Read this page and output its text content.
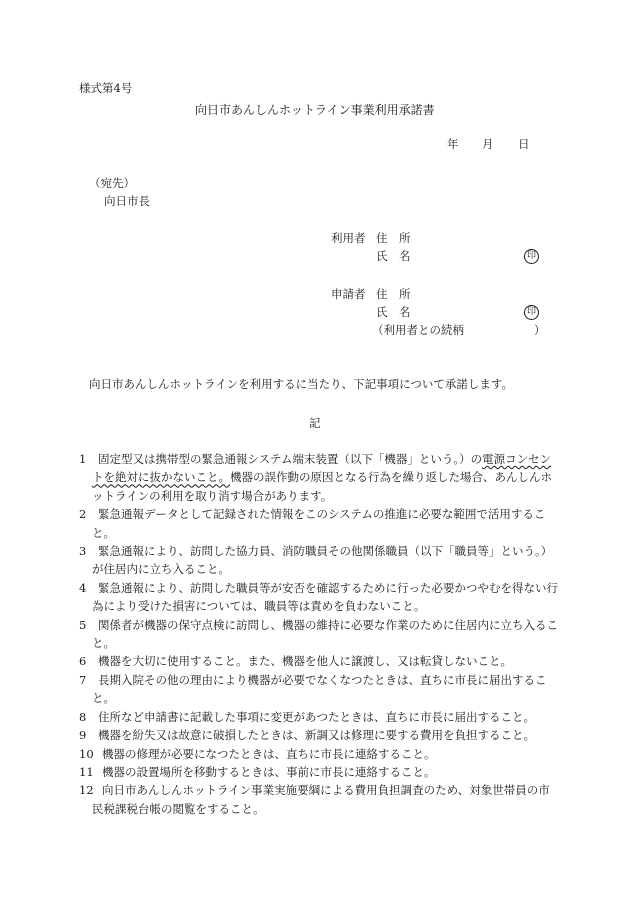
様式第4号
向日市あんしんホットライン事業利用承諾書
年 月 日
（宛先）
向日市長
利用者 住　所
氏　名	印
申請者 住　所
氏　名	印
（利用者との続柄	）
向日市あんしんホットラインを利用するに当たり、下記事項について承諾します。
記
1	固定型又は携帯型の緊急通報システム端末装置（以下「機器」という。）の電源コンセントを絶対に抜かないこと。機器の誤作動の原因となる行為を繰り返した場合、あんしんホットラインの利用を取り消す場合があります。
2	緊急通報データとして記録された情報をこのシステムの推進に必要な範囲で活用すること。
3	緊急通報により、訪問した協力員、消防職員その他関係職員（以下「職員等」という。）が住居内に立ち入ること。
4	緊急通報により、訪問した職員等が安否を確認するために行った必要かつやむを得ない行為により受けた損害については、職員等は責めを負わないこと。
5	関係者が機器の保守点検に訪問し、機器の維持に必要な作業のために住居内に立ち入ること。
6	機器を大切に使用すること。また、機器を他人に譲渡し、又は転貸しないこと。
7	長期入院その他の理由により機器が必要でなくなつたときは、直ちに市長に届出すること。
8	住所など申請書に記載した事項に変更があつたときは、直ちに市長に届出すること。
9	機器を紛失又は故意に破損したときは、新調又は修理に要する費用を負担すること。
10 機器の修理が必要になつたときは、直ちに市長に連絡すること。
11 機器の設置場所を移動するときは、事前に市長に連絡すること。
12 向日市あんしんホットライン事業実施要綱による費用負担調査のため、対象世帯員の市民税課税台帳の閲覧をすること。
